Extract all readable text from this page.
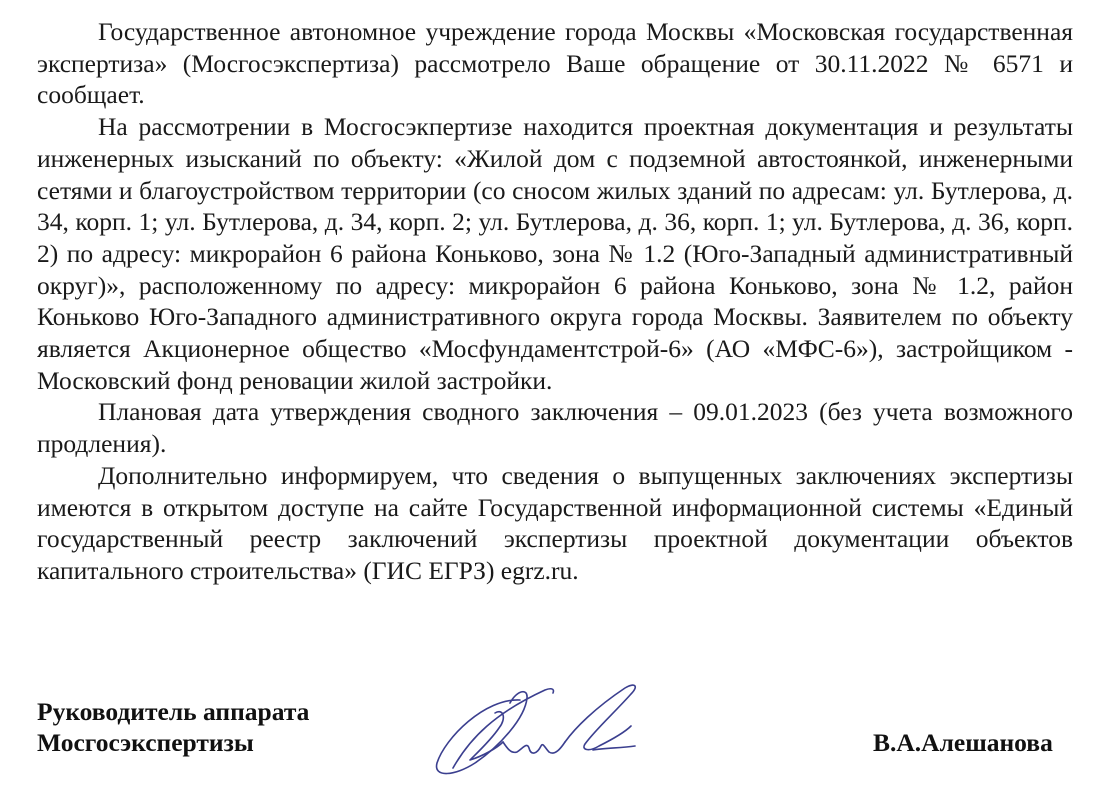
Государственное автономное учреждение города Москвы «Московская государственная экспертиза» (Мосгосэкспертиза) рассмотрело Ваше обращение от 30.11.2022 № 6571 и сообщает.

На рассмотрении в Мосгосэкпертизе находится проектная документация и результаты инженерных изысканий по объекту: «Жилой дом с подземной автостоянкой, инженерными сетями и благоустройством территории (со сносом жилых зданий по адресам: ул. Бутлерова, д. 34, корп. 1; ул. Бутлерова, д. 34, корп. 2; ул. Бутлерова, д. 36, корп. 1; ул. Бутлерова, д. 36, корп. 2) по адресу: микрорайон 6 района Коньково, зона № 1.2 (Юго-Западный административный округ)», расположенному по адресу: микрорайон 6 района Коньково, зона № 1.2, район Коньково Юго-Западного административного округа города Москвы. Заявителем по объекту является Акционерное общество «Мосфундаментстрой-6» (АО «МФС-6»), застройщиком - Московский фонд реновации жилой застройки.

Плановая дата утверждения сводного заключения – 09.01.2023 (без учета возможного продления).

Дополнительно информируем, что сведения о выпущенных заключениях экспертизы имеются в открытом доступе на сайте Государственной информационной системы «Единый государственный реестр заключений экспертизы проектной документации объектов капитального строительства» (ГИС ЕГРЗ) egrz.ru.

Руководитель аппарата
Мосгосэкспертизы	В.А.Алешанова
